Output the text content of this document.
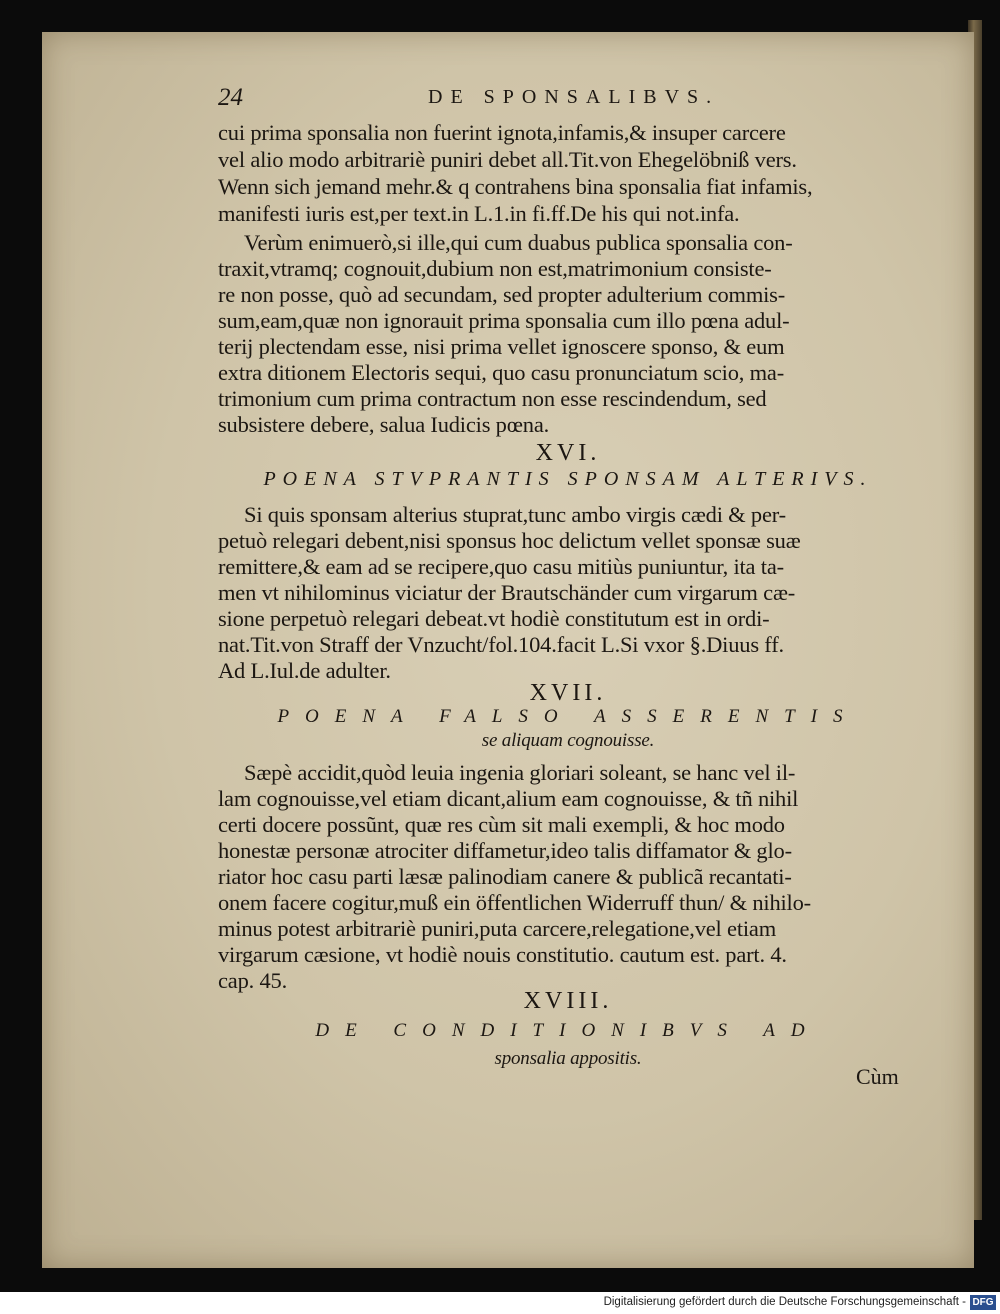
24	DE SPONSALIBVS.
cui prima sponsalia non fuerint ignota,infamis,& insuper carcere
vel alio modo arbitrariè puniri debet all.Tit.von Ehegelöbniß vers.
Wenn sich jemand mehr.& q contrahens bina sponsalia fiat infamis,
manifesti iuris est,per text.in L.1.in fi.ff.De his qui not.infa.
Verùm enimuerò,si ille,qui cum duabus publica sponsalia con-
traxit,vtramq; cognouit,dubium non est,matrimonium consiste-
re non posse, quò ad secundam, sed propter adulterium commis-
sum,eam,quæ non ignorauit prima sponsalia cum illo pœna adul-
terij plectendam esse, nisi prima vellet ignoscere sponso, & eum
extra ditionem Electoris sequi, quo casu pronunciatum scio, ma-
trimonium cum prima contractum non esse rescindendum, sed
subsistere debere, salua Iudicis pœna.
XVI.
POENA STVPRANTIS SPONSAM ALTERIVS.
Si quis sponsam alterius stuprat,tunc ambo virgis cædi & per-
petuò relegari debent,nisi sponsus hoc delictum vellet sponsæ suæ
remittere,& eam ad se recipere,quo casu mitiùs puniuntur, ita ta-
men vt nihilominus viciatur der Brautschänder cum virgarum cæ-
sione perpetuò relegari debeat.vt hodiè constitutum est in ordi-
nat.Tit.von Straff der Vnzucht/fol.104.facit L.Si vxor §.Diuus ff.
Ad L.Iul.de adulter.
XVII.
POENA FALSO ASSERENTIS
se aliquam cognouisse.
Sæpè accidit,quòd leuia ingenia gloriari soleant, se hanc vel il-
lam cognouisse,vel etiam dicant,alium eam cognouisse, & tñ nihil
certi docere possũnt, quæ res cùm sit mali exempli, & hoc modo
honestæ personæ atrociter diffametur,ideo talis diffamator & glo-
riator hoc casu parti læsæ palinodiam canere & publicã recantati-
onem facere cogitur,muß ein öffentlichen Widerruff thun/ & nihilo-
minus potest arbitrariè puniri,puta carcere,relegatione,vel etiam
virgarum cæsione, vt hodiè nouis constitutio. cautum est. part. 4.
cap. 45.
XVIII.
DE CONDITIONIBVS AD
sponsalia appositis.
Cùm
Digitalisierung gefördert durch die Deutsche Forschungsgemeinschaft - DFG
